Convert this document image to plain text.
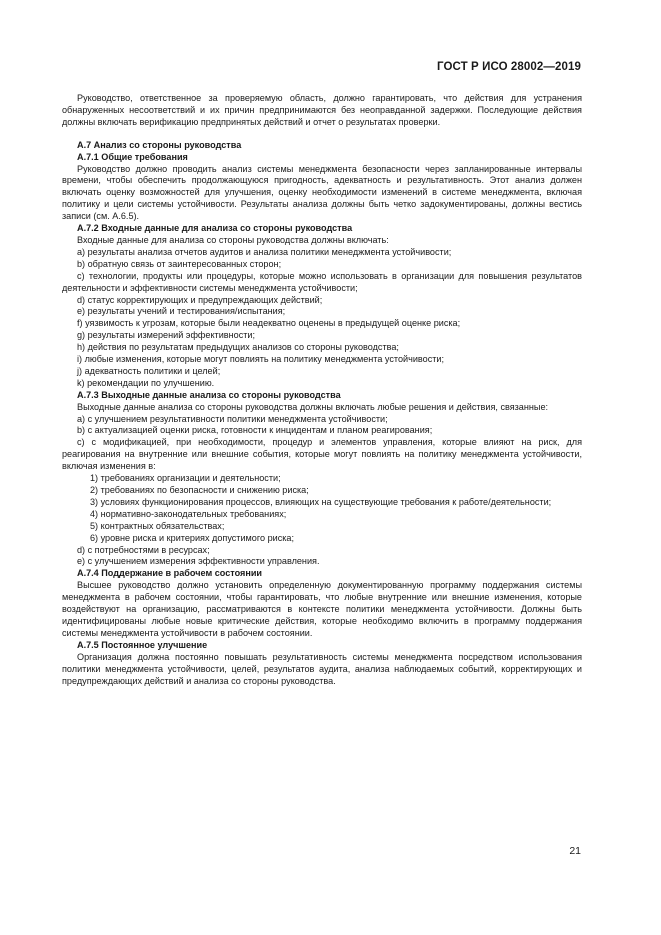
ГОСТ Р ИСО 28002—2019

Руководство, ответственное за проверяемую область, должно гарантировать, что действия для устранения обнаруженных несоответствий и их причин предпринимаются без неоправданной задержки. Последующие действия должны включать верификацию предпринятых действий и отчет о результатах проверки.

А.7 Анализ со стороны руководства

А.7.1 Общие требования

Руководство должно проводить анализ системы менеджмента безопасности через запланированные интервалы времени, чтобы обеспечить продолжающуюся пригодность, адекватность и результативность. Этот анализ должен включать оценку возможностей для улучшения, оценку необходимости изменений в системе менеджмента, включая политику и цели системы устойчивости. Результаты анализа должны быть четко задокументированы, должны вестись записи (см. А.6.5).

А.7.2 Входные данные для анализа со стороны руководства

Входные данные для анализа со стороны руководства должны включать:

a) результаты анализа отчетов аудитов и анализа политики менеджмента устойчивости;

b) обратную связь от заинтересованных сторон;

c) технологии, продукты или процедуры, которые можно использовать в организации для повышения результатов деятельности и эффективности системы менеджмента устойчивости;

d) статус корректирующих и предупреждающих действий;

e) результаты учений и тестирования/испытания;

f) уязвимость к угрозам, которые были неадекватно оценены в предыдущей оценке риска;

g) результаты измерений эффективности;

h) действия по результатам предыдущих анализов со стороны руководства;

i) любые изменения, которые могут повлиять на политику менеджмента устойчивости;

j) адекватность политики и целей;

k) рекомендации по улучшению.

А.7.3 Выходные данные анализа со стороны руководства

Выходные данные анализа со стороны руководства должны включать любые решения и действия, связанные:

a) с улучшением результативности политики менеджмента устойчивости;

b) с актуализацией оценки риска, готовности к инцидентам и планом реагирования;

c) с модификацией, при необходимости, процедур и элементов управления, которые влияют на риск, для реагирования на внутренние или внешние события, которые могут повлиять на политику менеджмента устойчивости, включая изменения в:

1) требованиях организации и деятельности;

2) требованиях по безопасности и снижению риска;

3) условиях функционирования процессов, влияющих на существующие требования к работе/деятельности;

4) нормативно-законодательных требованиях;

5) контрактных обязательствах;

6) уровне риска и критериях допустимого риска;

d) с потребностями в ресурсах;

e) с улучшением измерения эффективности управления.

А.7.4 Поддержание в рабочем состоянии

Высшее руководство должно установить определенную документированную программу поддержания системы менеджмента в рабочем состоянии, чтобы гарантировать, что любые внутренние или внешние изменения, которые воздействуют на организацию, рассматриваются в контексте политики менеджмента устойчивости. Должны быть идентифицированы любые новые критические действия, которые необходимо включить в программу поддержания системы менеджмента устойчивости в рабочем состоянии.

А.7.5 Постоянное улучшение

Организация должна постоянно повышать результативность системы менеджмента посредством использования политики менеджмента устойчивости, целей, результатов аудита, анализа наблюдаемых событий, корректирующих и предупреждающих действий и анализа со стороны руководства.

21
